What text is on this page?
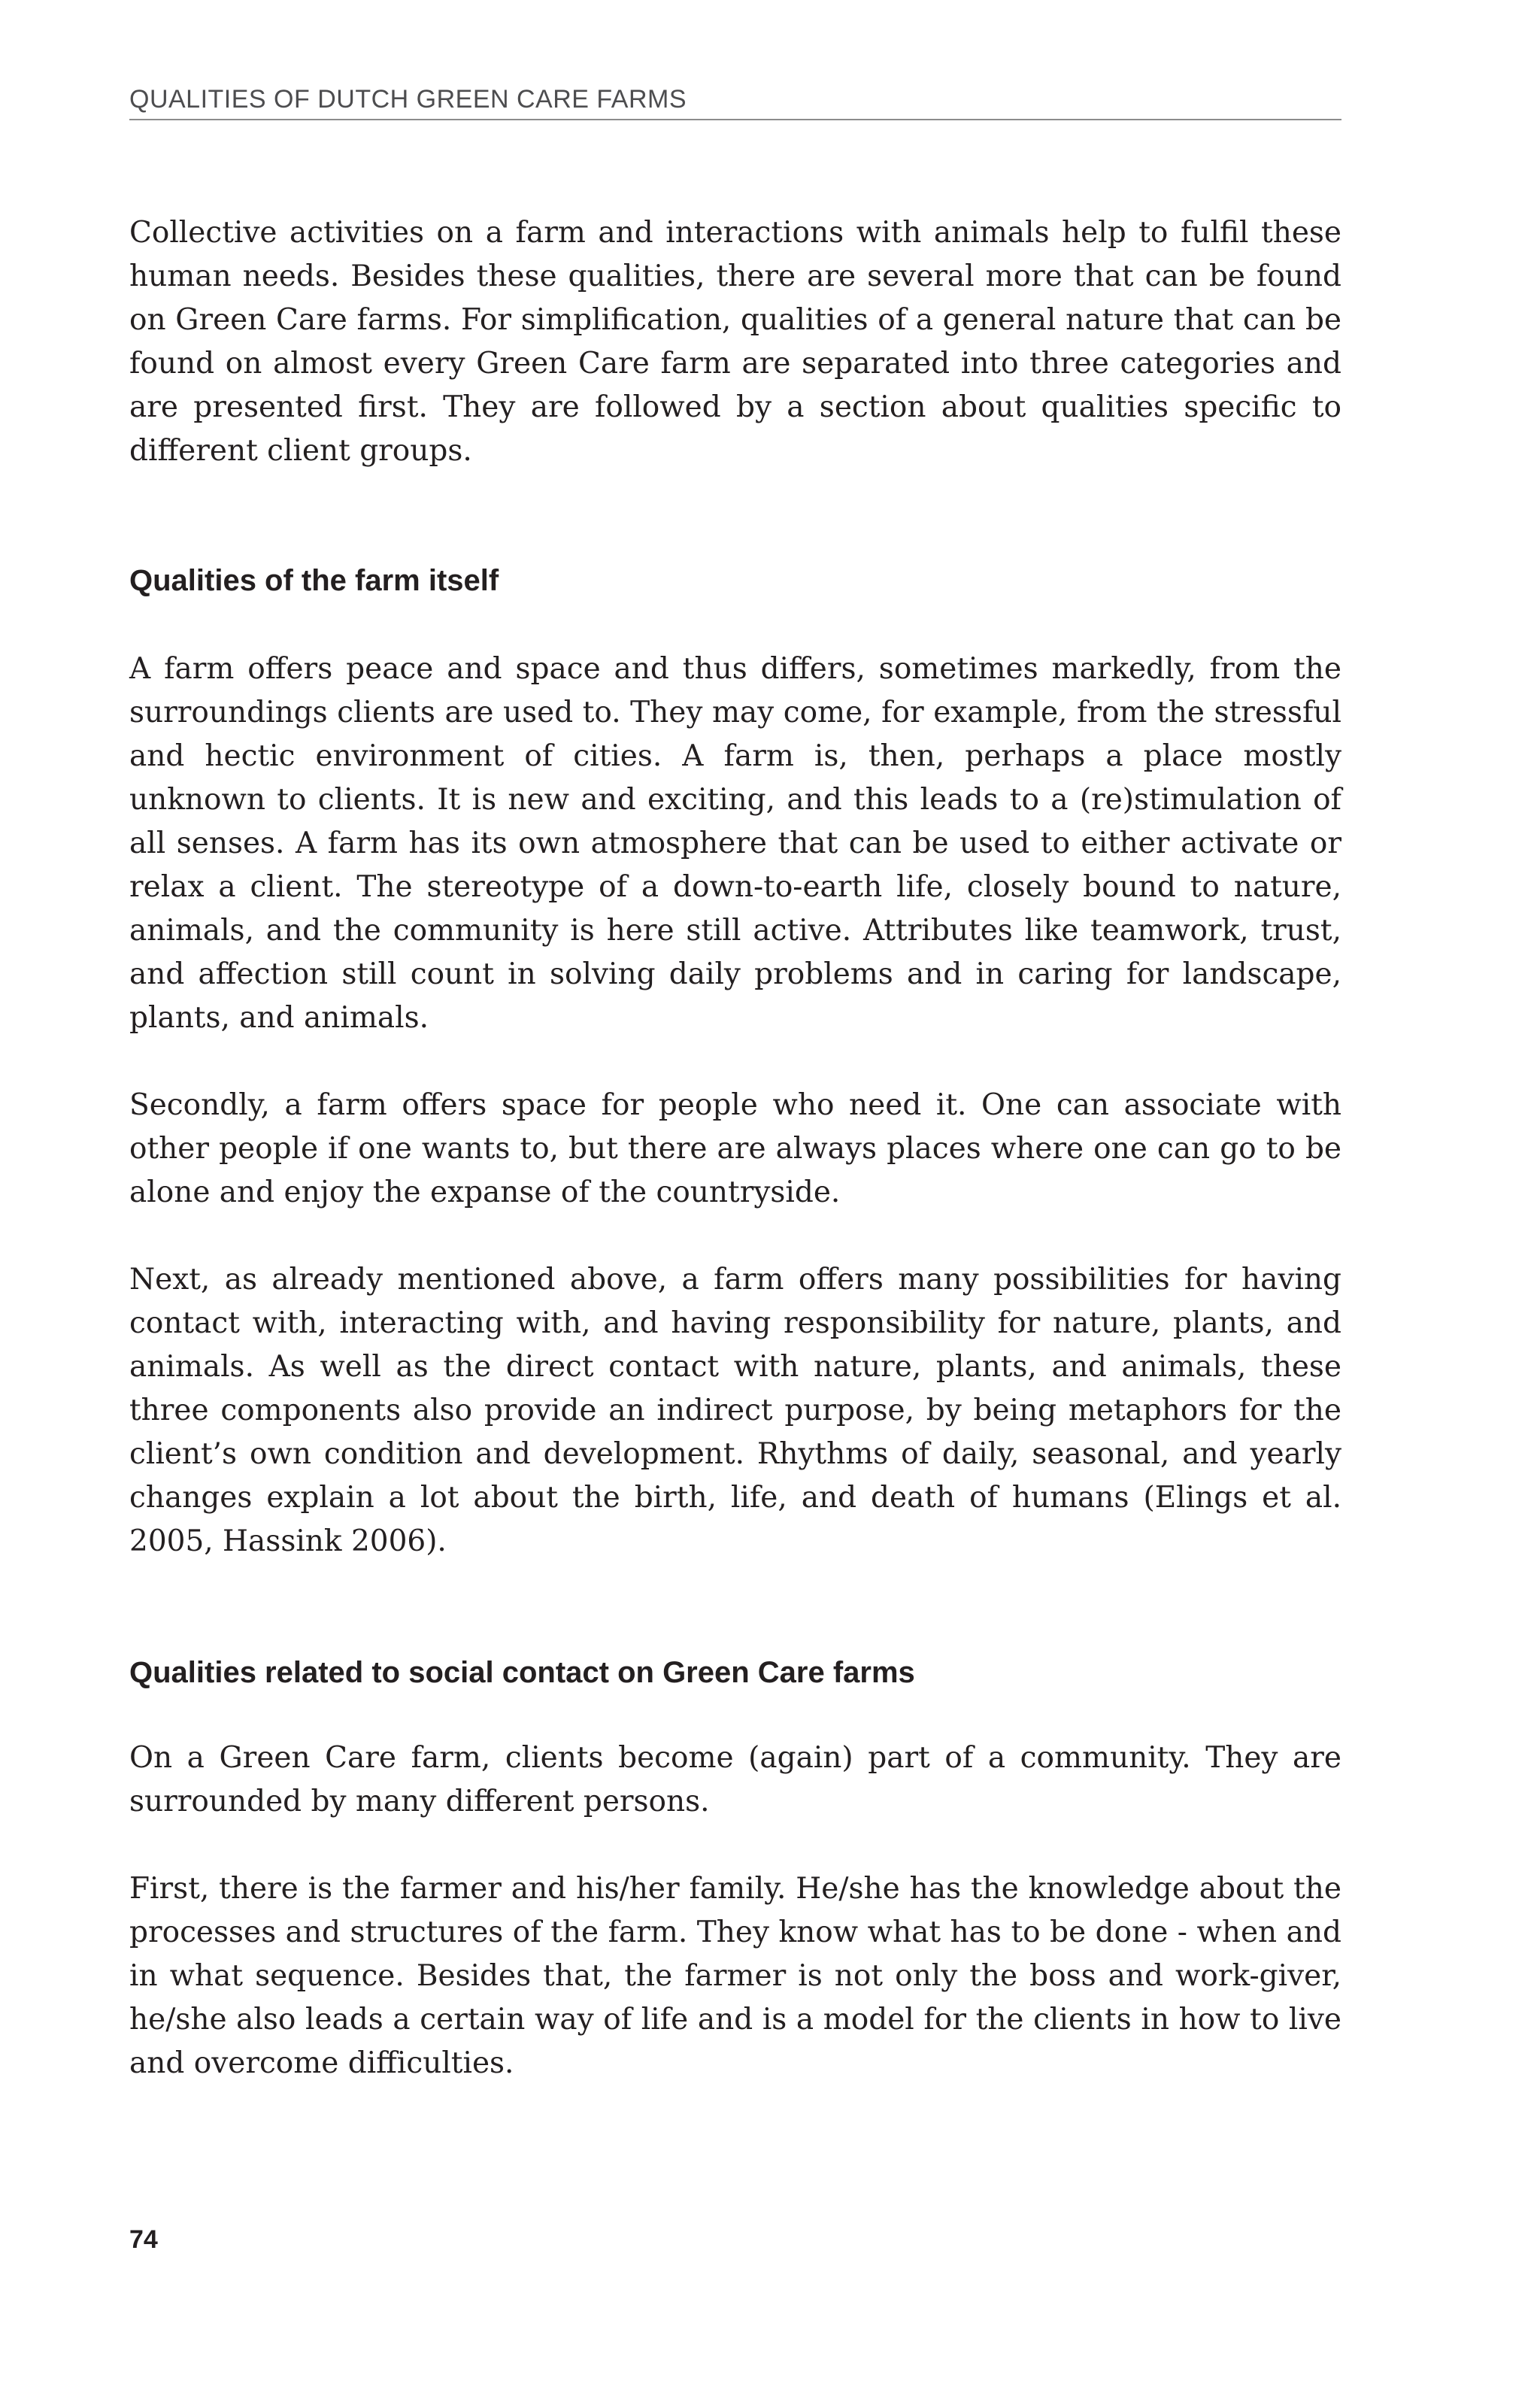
QUALITIES OF DUTCH GREEN CARE FARMS

Collective activities on a farm and interactions with animals help to fulfil these human needs. Besides these qualities, there are several more that can be found on Green Care farms. For simplification, qualities of a general nature that can be found on almost every Green Care farm are separated into three categories and are presented first. They are followed by a section about qualities specific to different client groups.

Qualities of the farm itself

A farm offers peace and space and thus differs, sometimes markedly, from the surroundings clients are used to. They may come, for example, from the stressful and hectic environment of cities. A farm is, then, perhaps a place mostly unknown to clients. It is new and exciting, and this leads to a (re)stimulation of all senses. A farm has its own atmosphere that can be used to either activate or relax a client. The stereotype of a down-to-earth life, closely bound to nature, animals, and the community is here still active. Attributes like teamwork, trust, and affection still count in solving daily problems and in caring for landscape, plants, and animals.

Secondly, a farm offers space for people who need it. One can associate with other people if one wants to, but there are always places where one can go to be alone and enjoy the expanse of the countryside.

Next, as already mentioned above, a farm offers many possibilities for having contact with, interacting with, and having responsibility for nature, plants, and animals. As well as the direct contact with nature, plants, and animals, these three components also provide an indirect purpose, by being metaphors for the client’s own condition and development. Rhythms of daily, seasonal, and yearly changes explain a lot about the birth, life, and death of humans (Elings et al. 2005, Hassink 2006).

Qualities related to social contact on Green Care farms

On a Green Care farm, clients become (again) part of a community. They are surrounded by many different persons.

First, there is the farmer and his/her family. He/she has the knowledge about the processes and structures of the farm. They know what has to be done - when and in what sequence. Besides that, the farmer is not only the boss and work-giver, he/she also leads a certain way of life and is a model for the clients in how to live and overcome difficulties.

74
